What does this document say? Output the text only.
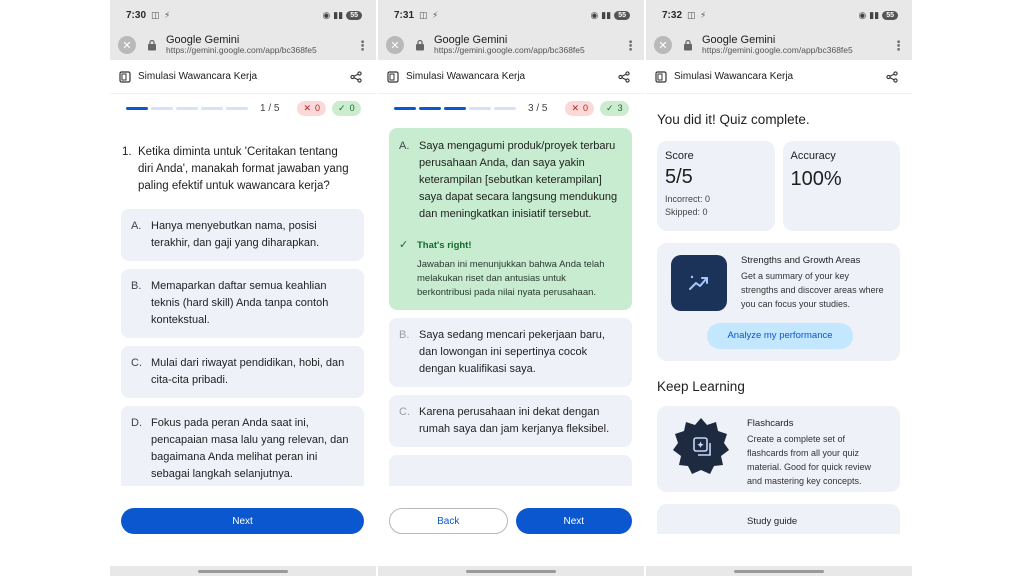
7:30 ◫ ⚡	◉ ▮▮	55
✕	Google Gemini
https://gemini.google.com/app/bc368fe5	⋮
Simulasi Wawancara Kerja
1 / 5	✕ 0 ✓ 0
1. Ketika diminta untuk 'Ceritakan tentang diri Anda', manakah format jawaban yang paling efektif untuk wawancara kerja?
A. Hanya menyebutkan nama, posisi terakhir, dan gaji yang diharapkan.
B. Memaparkan daftar semua keahlian teknis (hard skill) Anda tanpa contoh kontekstual.
C. Mulai dari riwayat pendidikan, hobi, dan cita-cita pribadi.
D. Fokus pada peran Anda saat ini, pencapaian masa lalu yang relevan, dan bagaimana Anda melihat peran ini sebagai langkah selanjutnya.
Next
7:31 ◫ ⚡	◉ ▮▮	55
✕	Google Gemini
https://gemini.google.com/app/bc368fe5	⋮
Simulasi Wawancara Kerja
3 / 5	✕ 0 ✓ 3
A. Saya mengagumi produk/proyek terbaru perusahaan Anda, dan saya yakin keterampilan [sebutkan keterampilan] saya dapat secara langsung mendukung dan meningkatkan inisiatif tersebut.
✓ That's right!
Jawaban ini menunjukkan bahwa Anda telah melakukan riset dan antusias untuk berkontribusi pada nilai nyata perusahaan.
B. Saya sedang mencari pekerjaan baru, dan lowongan ini sepertinya cocok dengan kualifikasi saya.
C. Karena perusahaan ini dekat dengan rumah saya dan jam kerjanya fleksibel.
Back	Next
7:32 ◫ ⚡	◉ ▮▮	55
✕	Google Gemini
https://gemini.google.com/app/bc368fe5	⋮
Simulasi Wawancara Kerja
You did it! Quiz complete.
Score
5/5
Incorrect: 0
Skipped: 0
Accuracy
100%
Strengths and Growth Areas
Get a summary of your key strengths and discover areas where you can focus your studies.
Analyze my performance
Keep Learning
Flashcards
Create a complete set of flashcards from all your quiz material. Good for quick review and mastering key concepts.
Study guide
